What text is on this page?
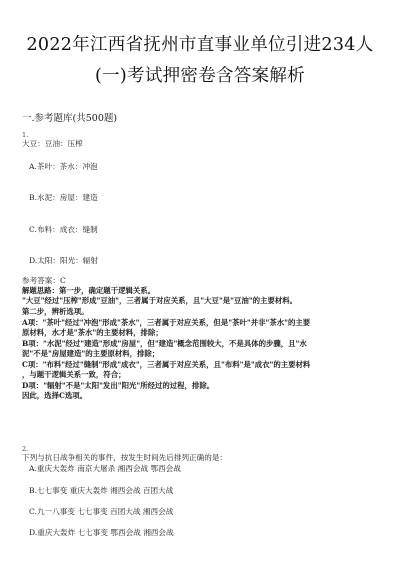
2022年江西省抚州市直事业单位引进234人
(一)考试押密卷含答案解析
一.参考题库(共500题)
1.
大豆：豆油：压榨
A.茶叶：茶水：冲泡
B.水泥：房屋：建造
C.布料：成衣：缝制
D.太阳：阳光：辐射
参考答案：C
解题思路：第一步，确定题干逻辑关系。
"大豆"经过"压榨"形成"豆油"，三者属于对应关系，且"大豆"是"豆油"的主要材料。
第二步，辨析选项。
A项："茶叶"经过"冲泡"形成"茶水"，三者属于对应关系，但是"茶叶"并非"茶水"的主要
原材料，水才是"茶水"的主要材料，排除；
B项："水泥"经过"建造"形成"房屋"，但"建造"概念范围较大，不是具体的步骤，且"水
泥"不是"房屋建造"的主要原材料，排除；
C项："布料"经过"缝制"形成"成衣"，三者属于对应关系，且"布料"是"成衣"的主要材料
，与题干逻辑关系一致，符合；
D项："辐射"不是"太阳"发出"阳光"所经过的过程，排除。
因此，选择C选项。
2.
下列与抗日战争相关的事件，按发生时间先后排列正确的是：
A.重庆大轰炸 南京大屠杀 湘西会战 鄂西会战
B.七七事变 重庆大轰炸 湘西会战 百团大战
C.九一八事变 七七事变 百团大战 湘西会战
D.重庆大轰炸 七七事变 鄂西会战 湘西会战
